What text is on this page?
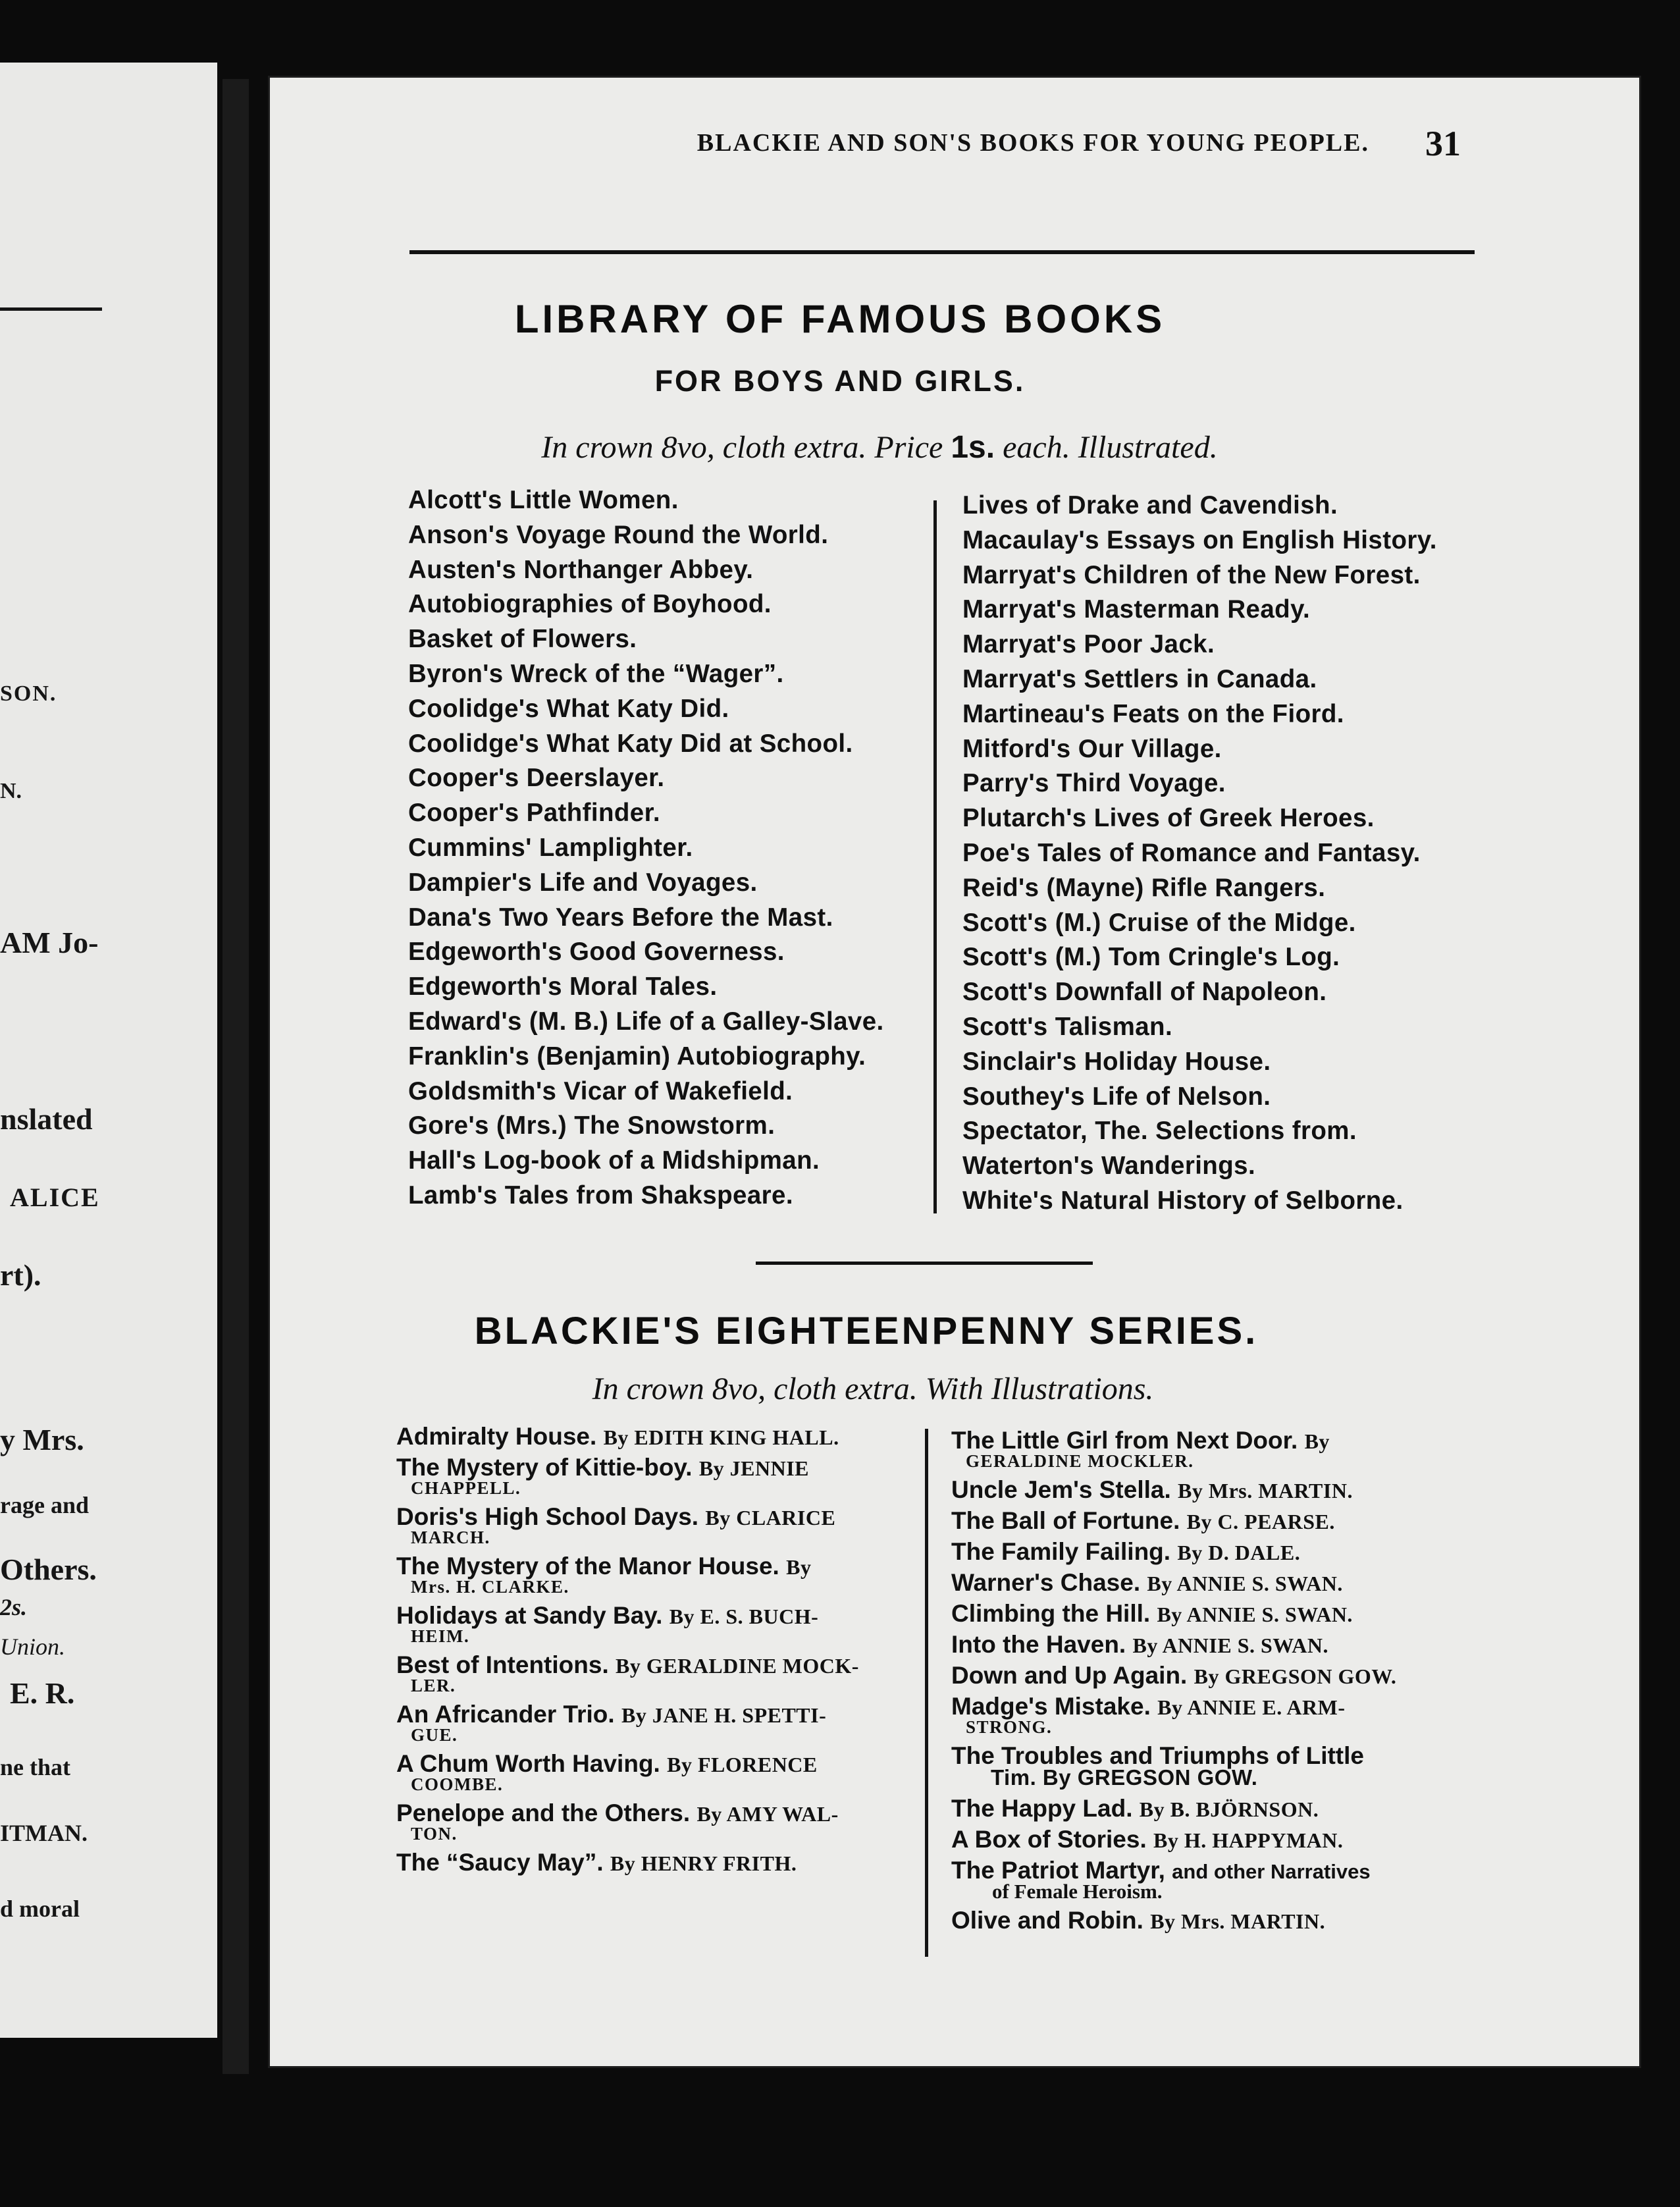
SON.
N.
AM Jo-
nslated
ALICE
rt).
y Mrs.
rage and
Others.
2s.
Union.
E. R.
ne that
ITMAN.
d moral
BLACKIE AND SON'S BOOKS FOR YOUNG PEOPLE. 31
LIBRARY OF FAMOUS BOOKS
FOR BOYS AND GIRLS.
In crown 8vo, cloth extra. Price 1s. each. Illustrated.
Alcott's Little Women.
Anson's Voyage Round the World.
Austen's Northanger Abbey.
Autobiographies of Boyhood.
Basket of Flowers.
Byron's Wreck of the “Wager”.
Coolidge's What Katy Did.
Coolidge's What Katy Did at School.
Cooper's Deerslayer.
Cooper's Pathfinder.
Cummins' Lamplighter.
Dampier's Life and Voyages.
Dana's Two Years Before the Mast.
Edgeworth's Good Governess.
Edgeworth's Moral Tales.
Edward's (M. B.) Life of a Galley-Slave.
Franklin's (Benjamin) Autobiography.
Goldsmith's Vicar of Wakefield.
Gore's (Mrs.) The Snowstorm.
Hall's Log-book of a Midshipman.
Lamb's Tales from Shakspeare.
Lives of Drake and Cavendish.
Macaulay's Essays on English History.
Marryat's Children of the New Forest.
Marryat's Masterman Ready.
Marryat's Poor Jack.
Marryat's Settlers in Canada.
Martineau's Feats on the Fiord.
Mitford's Our Village.
Parry's Third Voyage.
Plutarch's Lives of Greek Heroes.
Poe's Tales of Romance and Fantasy.
Reid's (Mayne) Rifle Rangers.
Scott's (M.) Cruise of the Midge.
Scott's (M.) Tom Cringle's Log.
Scott's Downfall of Napoleon.
Scott's Talisman.
Sinclair's Holiday House.
Southey's Life of Nelson.
Spectator, The. Selections from.
Waterton's Wanderings.
White's Natural History of Selborne.
BLACKIE'S EIGHTEENPENNY SERIES.
In crown 8vo, cloth extra. With Illustrations.
Admiralty House. By EDITH KING HALL.
The Mystery of Kittie-boy. By JENNIE
CHAPPELL.
Doris's High School Days. By CLARICE
MARCH.
The Mystery of the Manor House. By
Mrs. H. CLARKE.
Holidays at Sandy Bay. By E. S. BUCH-
HEIM.
Best of Intentions. By GERALDINE MOCK-
LER.
An Africander Trio. By JANE H. SPETTI-
GUE.
A Chum Worth Having. By FLORENCE
COOMBE.
Penelope and the Others. By AMY WAL-
TON.
The “Saucy May”. By HENRY FRITH.
The Little Girl from Next Door. By
GERALDINE MOCKLER.
Uncle Jem's Stella. By Mrs. MARTIN.
The Ball of Fortune. By C. PEARSE.
The Family Failing. By D. DALE.
Warner's Chase. By ANNIE S. SWAN.
Climbing the Hill. By ANNIE S. SWAN.
Into the Haven. By ANNIE S. SWAN.
Down and Up Again. By GREGSON GOW.
Madge's Mistake. By ANNIE E. ARM-
STRONG.
The Troubles and Triumphs of Little
Tim. By GREGSON GOW.
The Happy Lad. By B. BJÖRNSON.
A Box of Stories. By H. HAPPYMAN.
The Patriot Martyr, and other Narratives
of Female Heroism.
Olive and Robin. By Mrs. MARTIN.
